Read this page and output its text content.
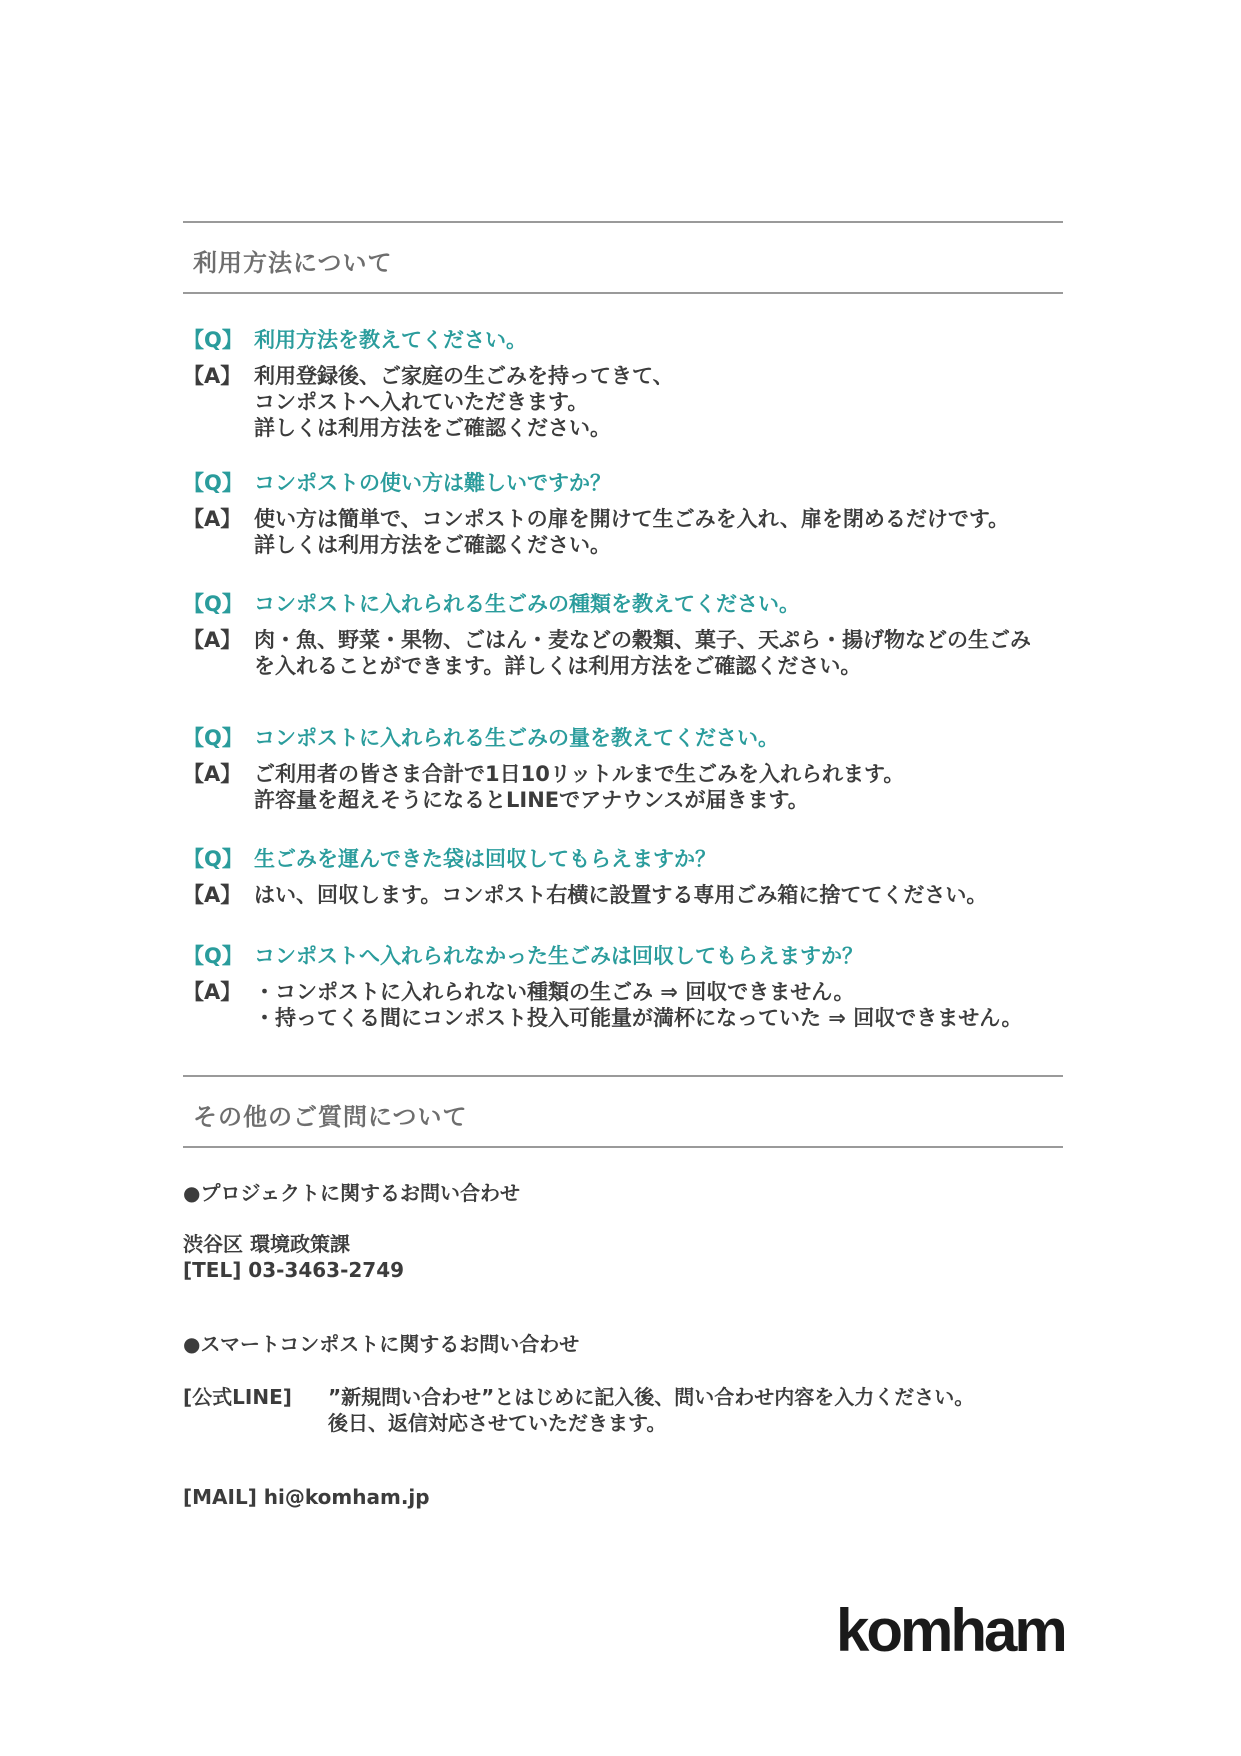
利用方法について
【Q】 利用方法を教えてください。
【A】 利用登録後、ご家庭の生ごみを持ってきて、
コンポストへ入れていただきます。
詳しくは利用方法をご確認ください。
【Q】 コンポストの使い方は難しいですか？
【A】 使い方は簡単で、コンポストの扉を開けて生ごみを入れ、扉を閉めるだけです。
詳しくは利用方法をご確認ください。
【Q】 コンポストに入れられる生ごみの種類を教えてください。
【A】 肉・魚、野菜・果物、ごはん・麦などの穀類、菓子、天ぷら・揚げ物などの生ごみ
を入れることができます。詳しくは利用方法をご確認ください。
【Q】 コンポストに入れられる生ごみの量を教えてください。
【A】 ご利用者の皆さま合計で1日10リットルまで生ごみを入れられます。
許容量を超えそうになるとLINEでアナウンスが届きます。
【Q】 生ごみを運んできた袋は回収してもらえますか？
【A】 はい、回収します。コンポスト右横に設置する専用ごみ箱に捨ててください。
【Q】 コンポストへ入れられなかった生ごみは回収してもらえますか？
【A】 ・コンポストに入れられない種類の生ごみ ⇒ 回収できません。
・持ってくる間にコンポスト投入可能量が満杯になっていた ⇒ 回収できません。
その他のご質問について
●プロジェクトに関するお問い合わせ
渋谷区 環境政策課
[TEL] 03-3463-2749
●スマートコンポストに関するお問い合わせ
[公式LINE]	”新規問い合わせ”とはじめに記入後、問い合わせ内容を入力ください。
後日、返信対応させていただきます。
[MAIL] hi@komham.jp
komham
